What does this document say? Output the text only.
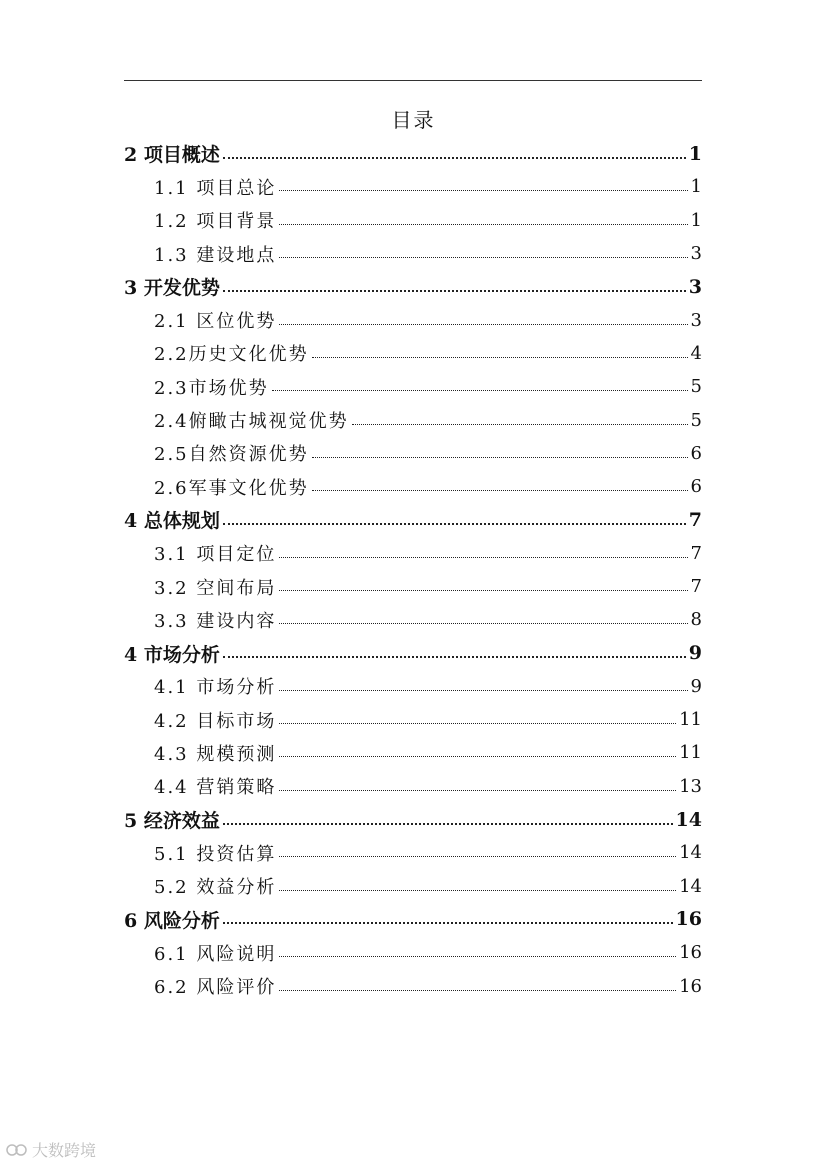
目录
2 项目概述	1
1.1 项目总论	1
1.2 项目背景	1
1.3 建设地点	3
3 开发优势	3
2.1 区位优势	3
2.2历史文化优势	4
2.3市场优势	5
2.4俯瞰古城视觉优势	5
2.5自然资源优势	6
2.6军事文化优势	6
4 总体规划	7
3.1 项目定位	7
3.2 空间布局	7
3.3 建设内容	8
4 市场分析	9
4.1 市场分析	9
4.2 目标市场	11
4.3 规模预测	11
4.4 营销策略	13
5 经济效益	14
5.1 投资估算	14
5.2 效益分析	14
6 风险分析	16
6.1 风险说明	16
6.2 风险评价	16
大数跨境
